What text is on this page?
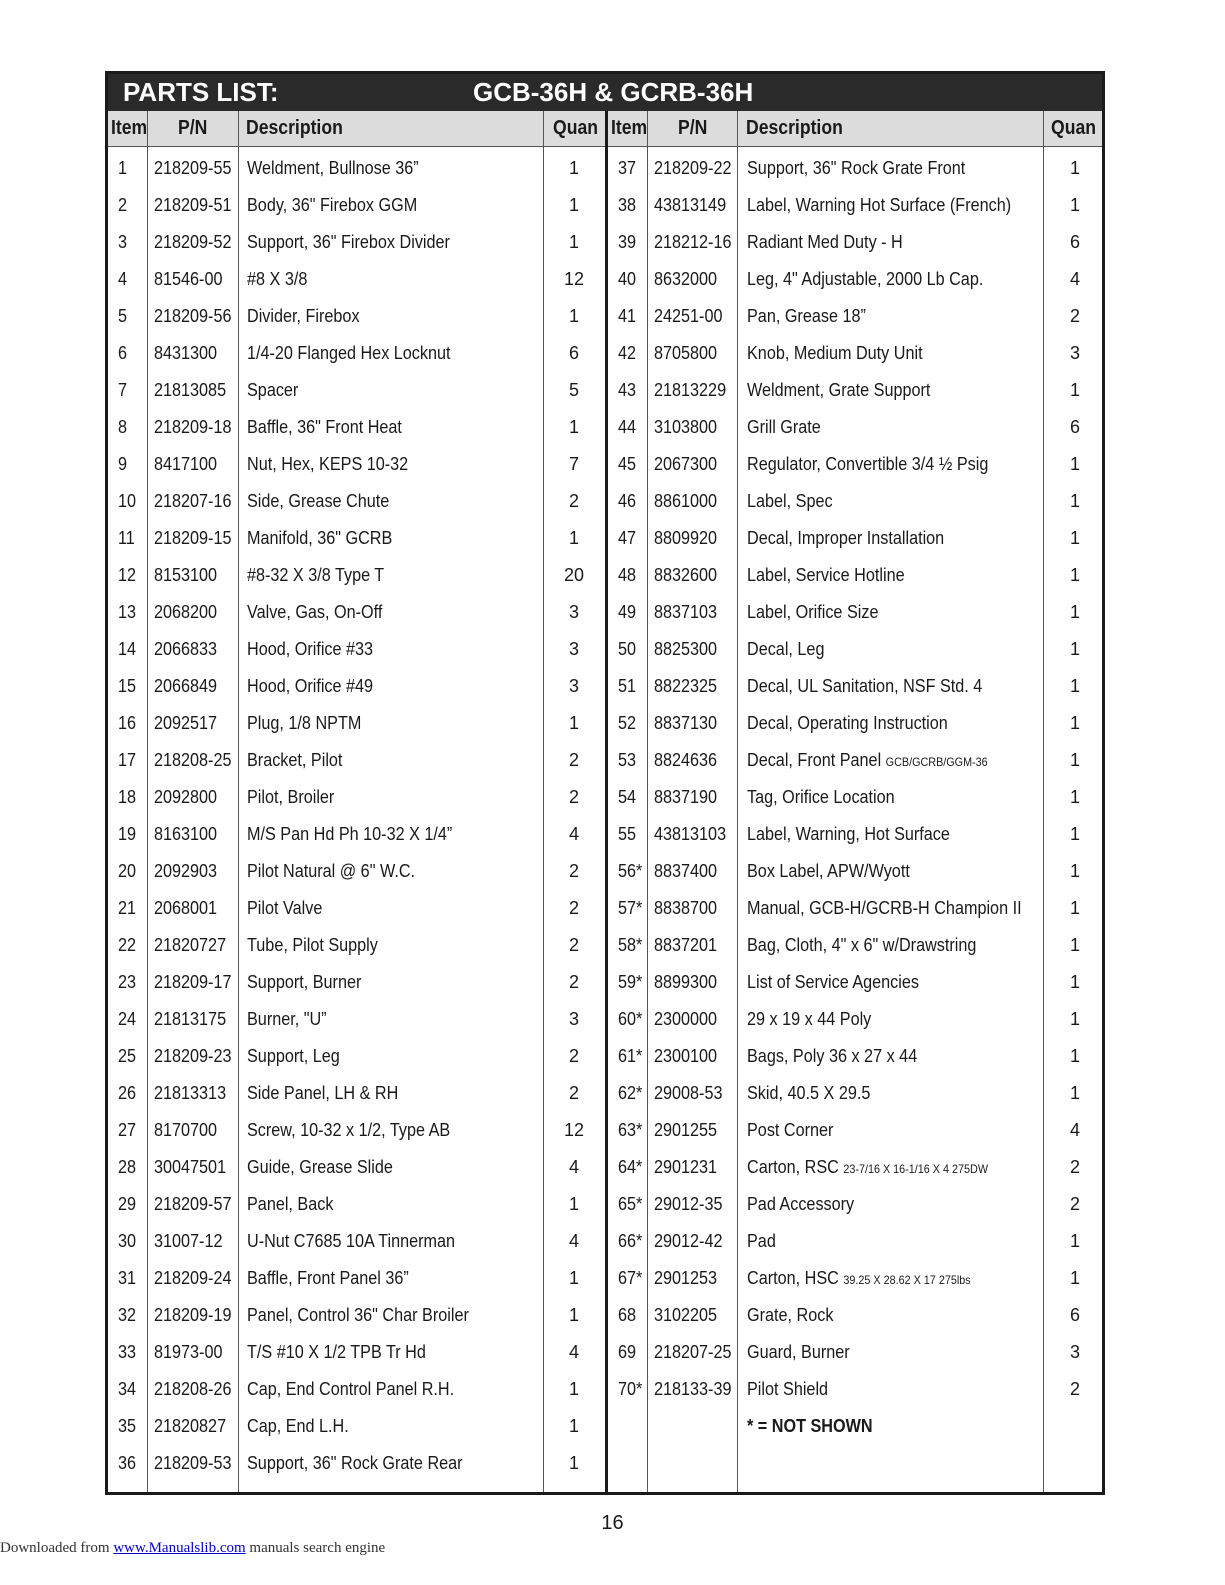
PARTS LIST:	GCB-36H & GCRB-36H
Item P/N Description	Quan
1 218209-55 Weldment, Bullnose 36”	1
2 218209-51 Body, 36" Firebox GGM	1
3 218209-52 Support, 36" Firebox Divider	1
4 81546-00 #8 X 3/8	12
5 218209-56 Divider, Firebox	1
6 8431300 1/4-20 Flanged Hex Locknut	6
7 21813085 Spacer	5
8 218209-18 Baffle, 36" Front Heat	1
9 8417100 Nut, Hex, KEPS 10-32	7
10 218207-16 Side, Grease Chute	2
11 218209-15 Manifold, 36" GCRB	1
12 8153100 #8-32 X 3/8 Type T	20
13 2068200 Valve, Gas, On-Off	3
14 2066833 Hood, Orifice #33	3
15 2066849 Hood, Orifice #49	3
16 2092517 Plug, 1/8 NPTM	1
17 218208-25 Bracket, Pilot	2
18 2092800 Pilot, Broiler	2
19 8163100 M/S Pan Hd Ph 10-32 X 1/4”	4
20 2092903 Pilot Natural @ 6" W.C.	2
21 2068001 Pilot Valve	2
22 21820727 Tube, Pilot Supply	2
23 218209-17 Support, Burner	2
24 21813175 Burner, "U”	3
25 218209-23 Support, Leg	2
26 21813313 Side Panel, LH & RH	2
27 8170700 Screw, 10-32 x 1/2, Type AB	12
28 30047501 Guide, Grease Slide	4
29 218209-57 Panel, Back	1
30 31007-12 U-Nut C7685 10A Tinnerman	4
31 218209-24 Baffle, Front Panel 36”	1
32 218209-19 Panel, Control 36" Char Broiler	1
33 81973-00 T/S #10 X 1/2 TPB Tr Hd	4
34 218208-26 Cap, End Control Panel R.H.	1
35 21820827 Cap, End L.H.	1
36 218209-53 Support, 36" Rock Grate Rear	1
Item P/N Description	Quan
37 218209-22 Support, 36" Rock Grate Front	1
38 43813149 Label, Warning Hot Surface (French)	1
39 218212-16 Radiant Med Duty - H	6
40 8632000 Leg, 4" Adjustable, 2000 Lb Cap.	4
41 24251-00 Pan, Grease 18”	2
42 8705800 Knob, Medium Duty Unit	3
43 21813229 Weldment, Grate Support	1
44 3103800 Grill Grate	6
45 2067300 Regulator, Convertible 3/4 ½ Psig	1
46 8861000 Label, Spec	1
47 8809920 Decal, Improper Installation	1
48 8832600 Label, Service Hotline	1
49 8837103 Label, Orifice Size	1
50 8825300 Decal, Leg	1
51 8822325 Decal, UL Sanitation, NSF Std. 4	1
52 8837130 Decal, Operating Instruction	1
53 8824636 Decal, Front Panel GCB/GCRB/GGM-36	1
54 8837190 Tag, Orifice Location	1
55 43813103 Label, Warning, Hot Surface	1
56* 8837400 Box Label, APW/Wyott	1
57* 8838700 Manual, GCB-H/GCRB-H Champion II	1
58* 8837201 Bag, Cloth, 4" x 6" w/Drawstring	1
59* 8899300 List of Service Agencies	1
60* 2300000 29 x 19 x 44 Poly	1
61* 2300100 Bags, Poly 36 x 27 x 44	1
62* 29008-53 Skid, 40.5 X 29.5	1
63* 2901255 Post Corner	4
64* 2901231 Carton, RSC 23-7/16 X 16-1/16 X 4 275DW	2
65* 29012-35 Pad Accessory	2
66* 29012-42 Pad	1
67* 2901253 Carton, HSC 39.25 X 28.62 X 17 275lbs	1
68 3102205 Grate, Rock	6
69 218207-25 Guard, Burner	3
70* 218133-39 Pilot Shield	2
* = NOT SHOWN
16
Downloaded from www.Manualslib.com manuals search engine
